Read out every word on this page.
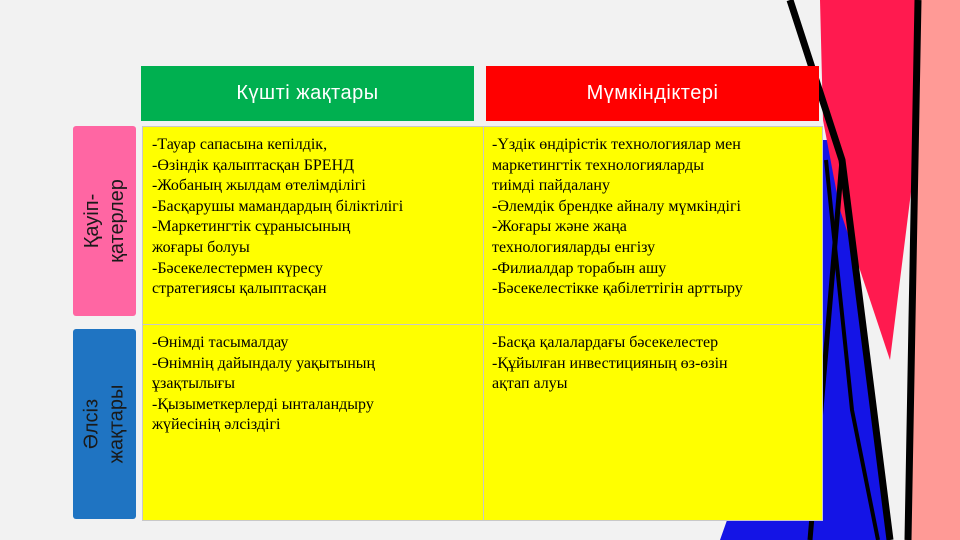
Күшті жақтары	Мүмкіндіктері
Қауіп-
қатерлер
Әлсіз
жақтары
-Тауар сапасына кепілдік,
-Өзіндік қалыптасқан БРЕНД
-Жобаның жылдам өтелімділігі
-Басқарушы мамандардың біліктілігі
-Маркетингтік сұранысының
жоғары болуы
-Бәсекелестермен күресу
стратегиясы қалыптасқан
-Үздік өндірістік технологиялар мен
маркетингтік технологияларды
тиімді пайдалану
-Әлемдік брендке айналу мүмкіндігі
-Жоғары және жаңа
технологияларды енгізу
-Филиалдар торабын ашу
-Бәсекелестікке қабілеттігін арттыру
-Өнімді тасымалдау
-Өнімнің дайындалу уақытының
ұзақтылығы
-Қызыметкерлерді ынталандыру
жүйесінің әлсіздігі
-Басқа қалалардағы бәсекелестер
-Құйылған инвестицияның өз-өзін
ақтап алуы
